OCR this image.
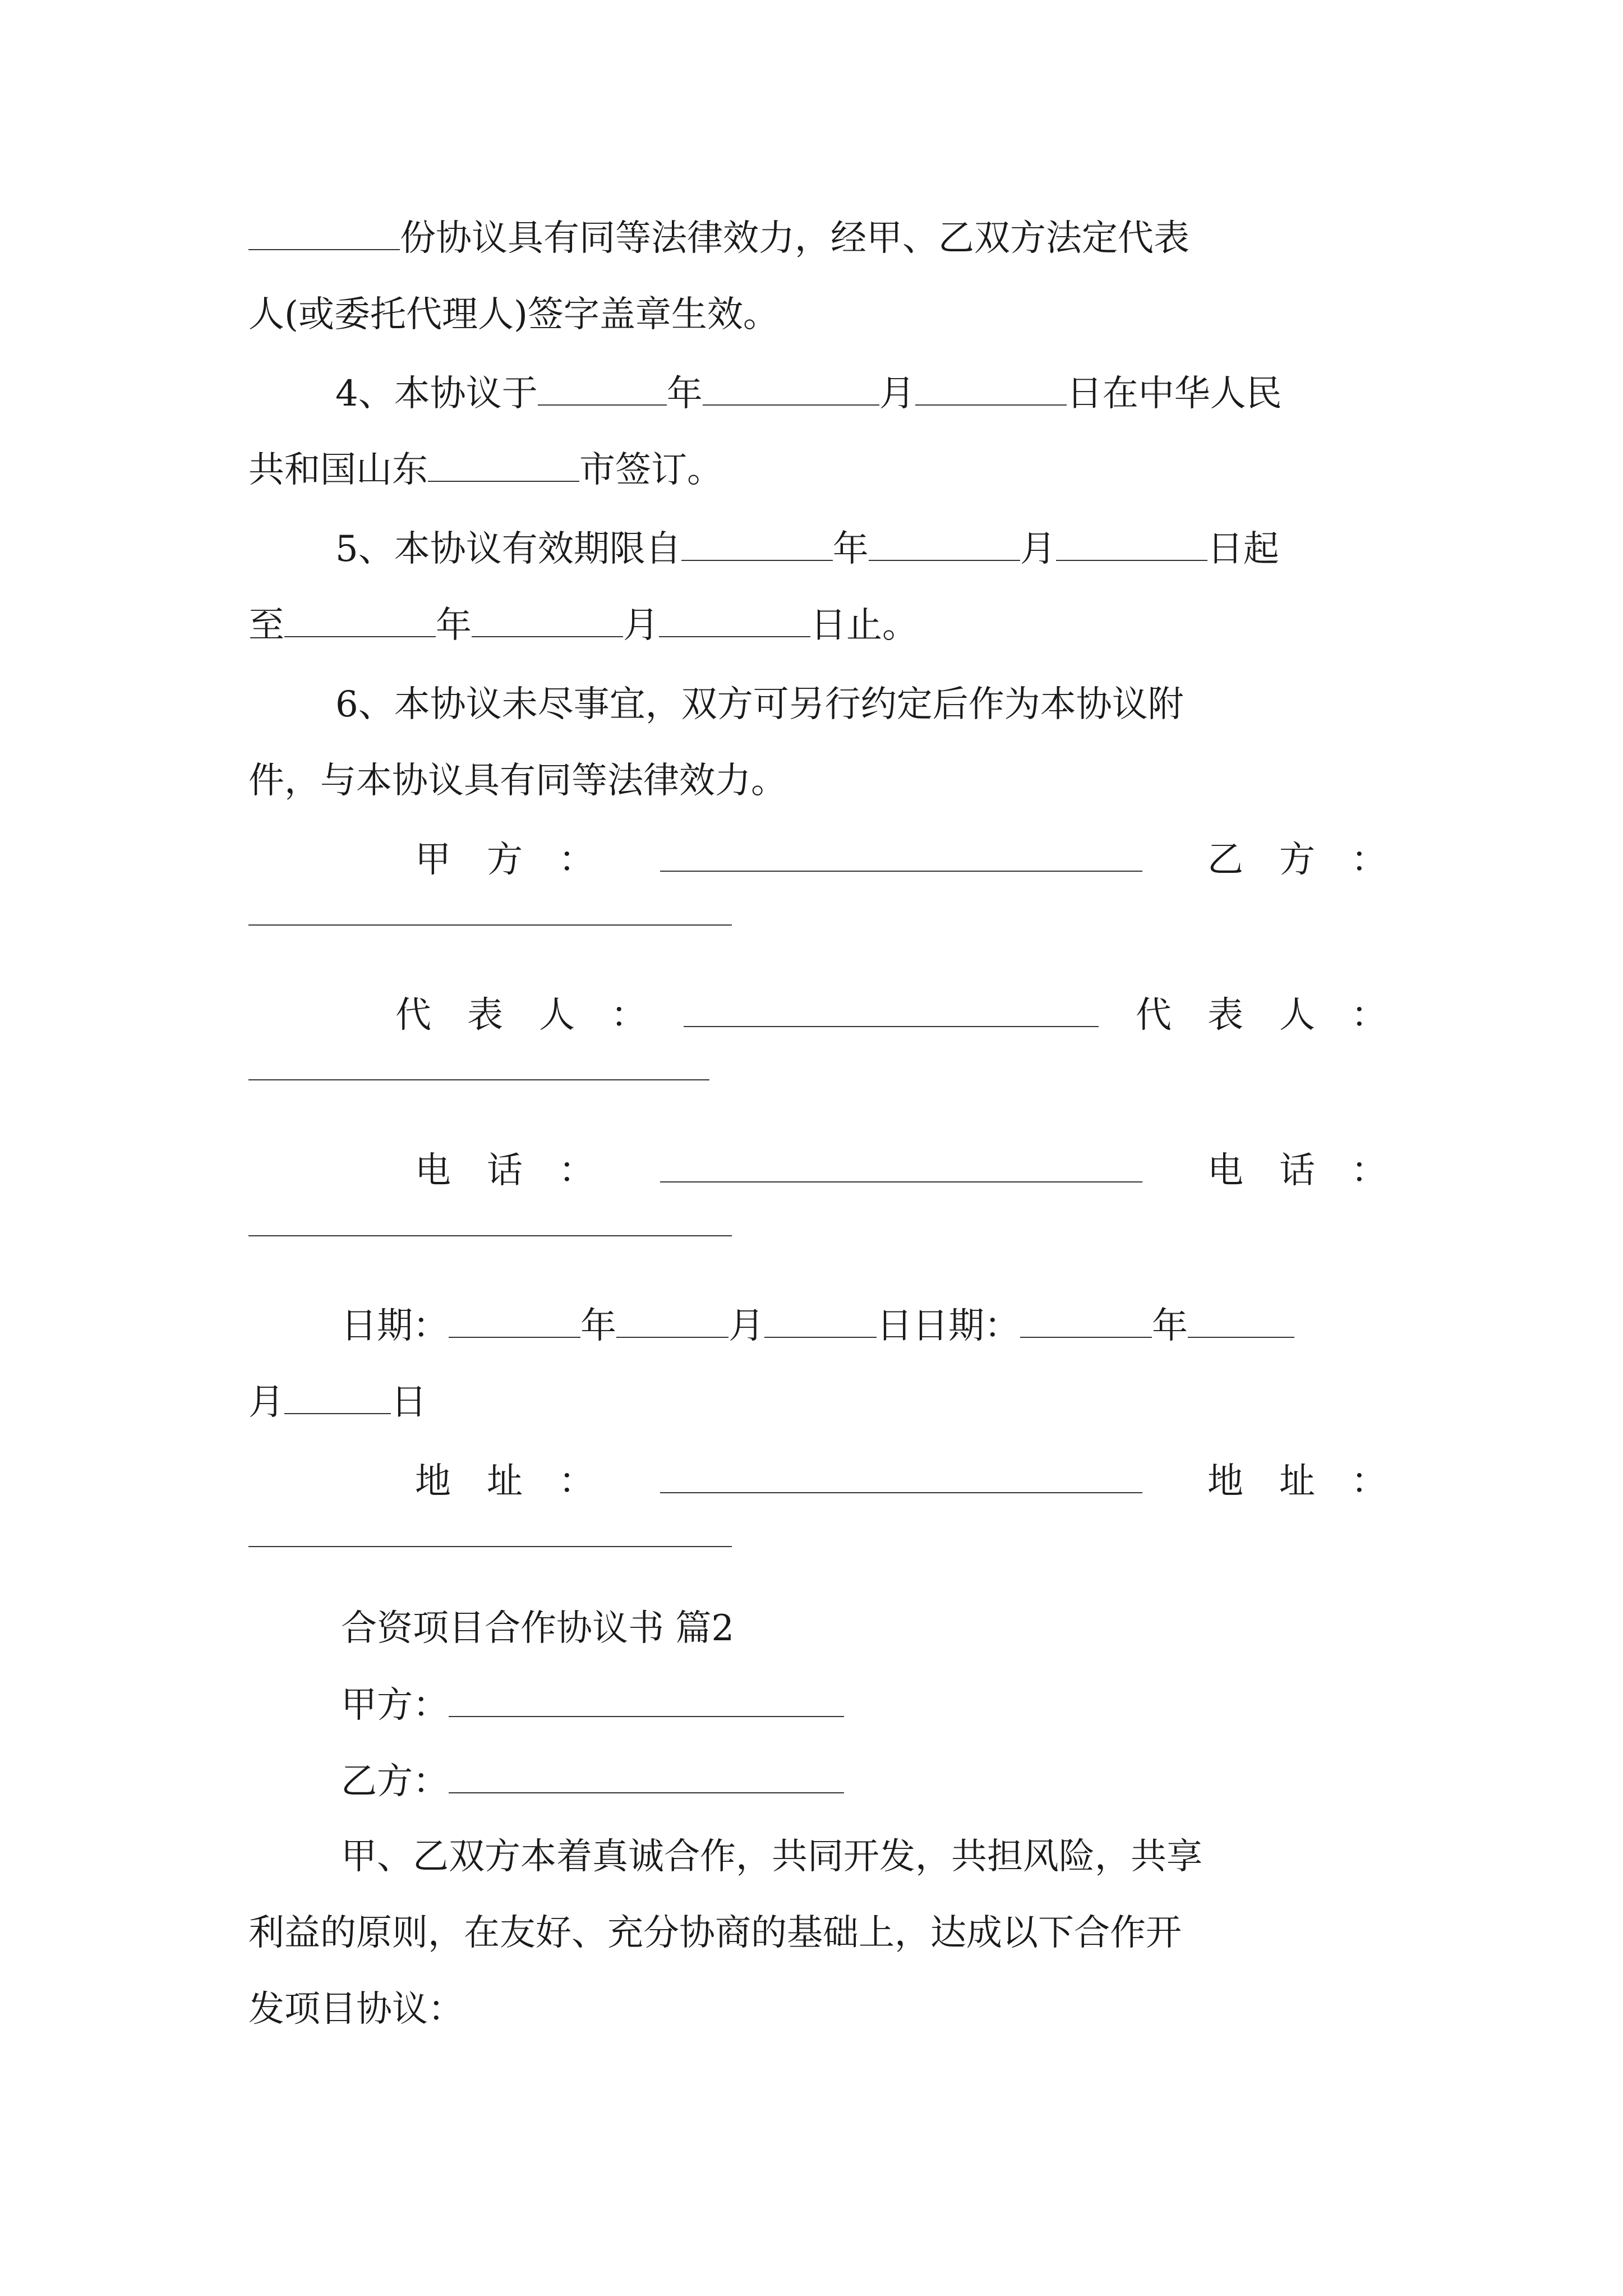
份协议具有同等法律效力，经甲、乙双方法定代表
人(或委托代理人)签字盖章生效。
4、本协议于	年	月	日在中华人民
共和国山东	市签订。
5、本协议有效期限自	年	月	日起
至	年	月	日止。
6、本协议未尽事宜，双方可另行约定后作为本协议附
件，与本协议具有同等法律效力。
甲　方　：	乙　方　：
代　表　人　：	代　表　人　：
电　话　：	电　话　：
日期：	年	月	日日期：	年
月	日
地　址　：	地　址　：
合资项目合作协议书 篇2
甲方：
乙方：
甲、乙双方本着真诚合作，共同开发，共担风险，共享
利益的原则，在友好、充分协商的基础上，达成以下合作开
发项目协议：
